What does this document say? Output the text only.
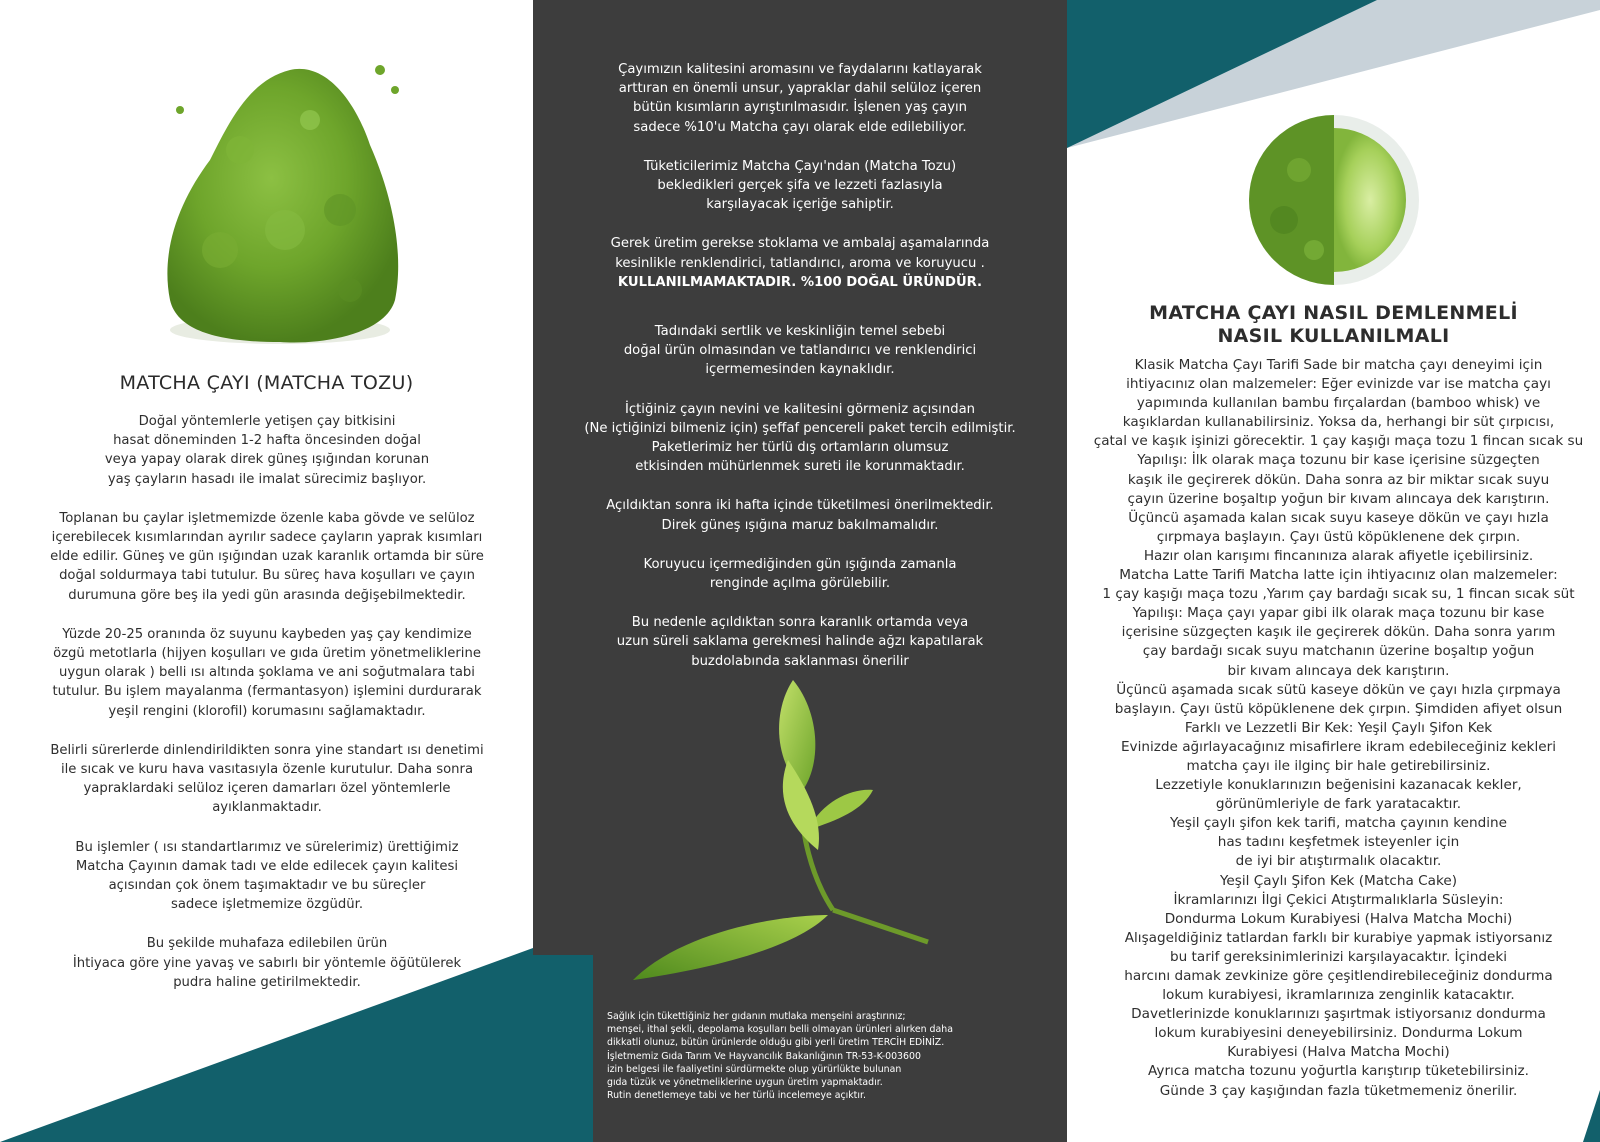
MATCHA ÇAYI (MATCHA TOZU)

Doğal yöntemlerle yetişen çay bitkisini
hasat döneminden 1-2 hafta öncesinden doğal
veya yapay olarak direk güneş ışığından korunan
yaş çayların hasadı ile imalat sürecimiz başlıyor.

Toplanan bu çaylar işletmemizde özenle kaba gövde ve selüloz
içerebilecek kısımlarından ayrılır sadece çayların yaprak kısımları
elde edilir. Güneş ve gün ışığından uzak karanlık ortamda bir süre
doğal soldurmaya tabi tutulur. Bu süreç hava koşulları ve çayın
durumuna göre beş ila yedi gün arasında değişebilmektedir.

Yüzde 20-25 oranında öz suyunu kaybeden yaş çay kendimize
özgü metotlarla (hijyen koşulları ve gıda üretim yönetmeliklerine
uygun olarak ) belli ısı altında şoklama ve ani soğutmalara tabi
tutulur. Bu işlem mayalanma (fermantasyon) işlemini durdurarak
yeşil rengini (klorofil) korumasını sağlamaktadır.

Belirli sürerlerde dinlendirildikten sonra yine standart ısı denetimi
ile sıcak ve kuru hava vasıtasıyla özenle kurutulur. Daha sonra
yapraklardaki selüloz içeren damarları özel yöntemlerle
ayıklanmaktadır.

Bu işlemler ( ısı standartlarımız ve sürelerimiz) ürettiğimiz
Matcha Çayının damak tadı ve elde edilecek çayın kalitesi
açısından çok önem taşımaktadır ve bu süreçler
sadece işletmemize özgüdür.

Bu şekilde muhafaza edilebilen ürün
İhtiyaca göre yine yavaş ve sabırlı bir yöntemle öğütülerek
pudra haline getirilmektedir.

Çayımızın kalitesini aromasını ve faydalarını katlayarak
arttıran en önemli unsur, yapraklar dahil selüloz içeren
bütün kısımların ayrıştırılmasıdır. İşlenen yaş çayın
sadece %10'u Matcha çayı olarak elde edilebiliyor.

Tüketicilerimiz Matcha Çayı'ndan (Matcha Tozu)
bekledikleri gerçek şifa ve lezzeti fazlasıyla
karşılayacak içeriğe sahiptir.

Gerek üretim gerekse stoklama ve ambalaj aşamalarında
kesinlikle renklendirici, tatlandırıcı, aroma ve koruyucu .

KULLANILMAMAKTADIR. %100 DOĞAL ÜRÜNDÜR.

Tadındaki sertlik ve keskinliğin temel sebebi
doğal ürün olmasından ve tatlandırıcı ve renklendirici
içermemesinden kaynaklıdır.

İçtiğiniz çayın nevini ve kalitesini görmeniz açısından
(Ne içtiğinizi bilmeniz için) şeffaf pencereli paket tercih edilmiştir.
Paketlerimiz her türlü dış ortamların olumsuz
etkisinden mühürlenmek sureti ile korunmaktadır.

Açıldıktan sonra iki hafta içinde tüketilmesi önerilmektedir.
Direk güneş ışığına maruz bakılmamalıdır.

Koruyucu içermediğinden gün ışığında zamanla
renginde açılma görülebilir.

Bu nedenle açıldıktan sonra karanlık ortamda veya
uzun süreli saklama gerekmesi halinde ağzı kapatılarak
buzdolabında saklanması önerilir

Sağlık için tükettiğiniz her gıdanın mutlaka menşeini araştırınız;
menşei, ithal şekli, depolama koşulları belli olmayan ürünleri alırken daha
dikkatli olunuz, bütün ürünlerde olduğu gibi yerli üretim TERCİH EDİNİZ.
İşletmemiz Gıda Tarım Ve Hayvancılık Bakanlığının TR-53-K-003600
izin belgesi ile faaliyetini sürdürmekte olup yürürlükte bulunan
gıda tüzük ve yönetmeliklerine uygun üretim yapmaktadır.
Rutin denetlemeye tabi ve her türlü incelemeye açıktır.
MATCHA ÇAYI NASIL DEMLENMELİ
NASIL KULLANILMALI
Klasik Matcha Çayı Tarifi Sade bir matcha çayı deneyimi için
ihtiyacınız olan malzemeler: Eğer evinizde var ise matcha çayı
yapımında kullanılan bambu fırçalardan (bamboo whisk) ve
kaşıklardan kullanabilirsiniz. Yoksa da, herhangi bir süt çırpıcısı,
çatal ve kaşık işinizi görecektir. 1 çay kaşığı maça tozu 1 fincan sıcak su
Yapılışı: İlk olarak maça tozunu bir kase içerisine süzgeçten
kaşık ile geçirerek dökün. Daha sonra az bir miktar sıcak suyu
çayın üzerine boşaltıp yoğun bir kıvam alıncaya dek karıştırın.
Üçüncü aşamada kalan sıcak suyu kaseye dökün ve çayı hızla
çırpmaya başlayın. Çayı üstü köpüklenene dek çırpın.
Hazır olan karışımı fincanınıza alarak afiyetle içebilirsiniz.
Matcha Latte Tarifi Matcha latte için ihtiyacınız olan malzemeler:
1 çay kaşığı maça tozu ,Yarım çay bardağı sıcak su, 1 fincan sıcak süt
Yapılışı: Maça çayı yapar gibi ilk olarak maça tozunu bir kase
içerisine süzgeçten kaşık ile geçirerek dökün. Daha sonra yarım
çay bardağı sıcak suyu matchanın üzerine boşaltıp yoğun
bir kıvam alıncaya dek karıştırın.
Üçüncü aşamada sıcak sütü kaseye dökün ve çayı hızla çırpmaya
başlayın. Çayı üstü köpüklenene dek çırpın. Şimdiden afiyet olsun
Farklı ve Lezzetli Bir Kek: Yeşil Çaylı Şifon Kek
Evinizde ağırlayacağınız misafirlere ikram edebileceğiniz kekleri
matcha çayı ile ilginç bir hale getirebilirsiniz.
Lezzetiyle konuklarınızın beğenisini kazanacak kekler,
görünümleriyle de fark yaratacaktır.
Yeşil çaylı şifon kek tarifi, matcha çayının kendine
has tadını keşfetmek isteyenler için
de iyi bir atıştırmalık olacaktır.
Yeşil Çaylı Şifon Kek (Matcha Cake)
İkramlarınızı İlgi Çekici Atıştırmalıklarla Süsleyin:
Dondurma Lokum Kurabiyesi (Halva Matcha Mochi)
Alışageldiğiniz tatlardan farklı bir kurabiye yapmak istiyorsanız
bu tarif gereksinimlerinizi karşılayacaktır. İçindeki
harcını damak zevkinize göre çeşitlendirebileceğiniz dondurma
lokum kurabiyesi, ikramlarınıza zenginlik katacaktır.
Davetlerinizde konuklarınızı şaşırtmak istiyorsanız dondurma
lokum kurabiyesini deneyebilirsiniz. Dondurma Lokum
Kurabiyesi (Halva Matcha Mochi)
Ayrıca matcha tozunu yoğurtla karıştırıp tüketebilirsiniz.
Günde 3 çay kaşığından fazla tüketmemeniz önerilir.
